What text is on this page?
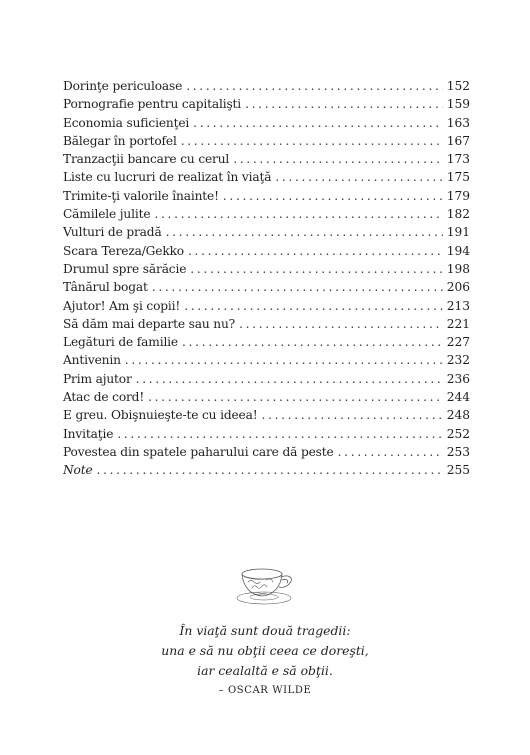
Dorinţe periculoase . . .	152
Pornografie pentru capitalişti . . .	159
Economia suficienţei . . .	163
Bălegar în portofel . . .	167
Tranzacţii bancare cu cerul . . .	173
Liste cu lucruri de realizat în viaţă . . .	175
Trimite-ţi valorile înainte! . . .	179
Cămilele julite . . .	182
Vulturi de pradă . . .	191
Scara Tereza/Gekko . . .	194
Drumul spre sărăcie . . .	198
Tânărul bogat . . .	206
Ajutor! Am şi copii! . . .	213
Să dăm mai departe sau nu? . . .	221
Legături de familie . . .	227
Antivenin . . .	232
Prim ajutor . . .	236
Atac de cord! . . .	244
E greu. Obişnuieşte-te cu ideea! . . .	248
Invitaţie . . .	252
Povestea din spatele paharului care dă peste . . .	253
Note . . .	255
În viaţă sunt două tragedii:
una e să nu obţii ceea ce doreşti,
iar cealaltă e să obţii.
– OSCAR WILDE
